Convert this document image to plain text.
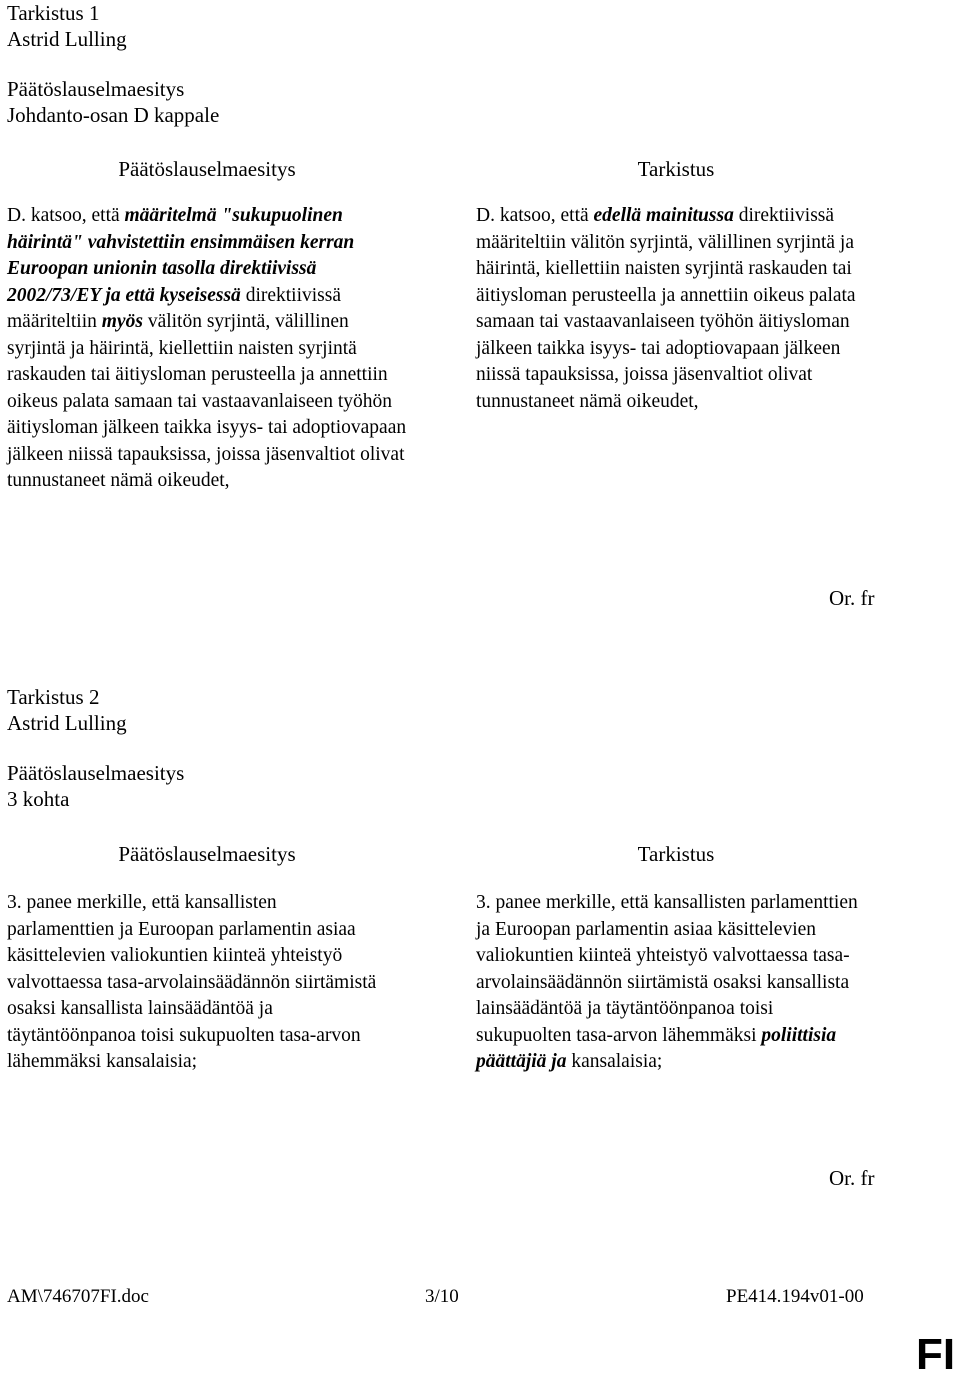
Tarkistus 1

Astrid Lulling

Päätöslauselmaesitys

Johdanto-osan D kappale

Päätöslauselmaesitys	Tarkistus
D. katsoo, että määritelmä "sukupuolinen häirintä" vahvistettiin ensimmäisen kerran Euroopan unionin tasolla direktiivissä 2002/73/EY ja että kyseisessä direktiivissä määriteltiin myös välitön syrjintä, välillinen syrjintä ja häirintä, kiellettiin naisten syrjintä raskauden tai äitiysloman perusteella ja annettiin oikeus palata samaan tai vastaavanlaiseen työhön äitiysloman jälkeen taikka isyys- tai adoptiovapaan jälkeen niissä tapauksissa, joissa jäsenvaltiot olivat tunnustaneet nämä oikeudet,
D. katsoo, että edellä mainitussa direktiivissä määriteltiin välitön syrjintä, välillinen syrjintä ja häirintä, kiellettiin naisten syrjintä raskauden tai äitiysloman perusteella ja annettiin oikeus palata samaan tai vastaavanlaiseen työhön äitiysloman jälkeen taikka isyys- tai adoptiovapaan jälkeen niissä tapauksissa, joissa jäsenvaltiot olivat tunnustaneet nämä oikeudet,
Or. fr

Tarkistus 2

Astrid Lulling

Päätöslauselmaesitys

3 kohta

Päätöslauselmaesitys	Tarkistus
3. panee merkille, että kansallisten parlamenttien ja Euroopan parlamentin asiaa käsittelevien valiokuntien kiinteä yhteistyö valvottaessa tasa-arvolainsäädännön siirtämistä osaksi kansallista lainsäädäntöä ja täytäntöönpanoa toisi sukupuolten tasa-arvon lähemmäksi kansalaisia;
3. panee merkille, että kansallisten parlamenttien ja Euroopan parlamentin asiaa käsittelevien valiokuntien kiinteä yhteistyö valvottaessa tasa-arvolainsäädännön siirtämistä osaksi kansallista lainsäädäntöä ja täytäntöönpanoa toisi sukupuolten tasa-arvon lähemmäksi poliittisia päättäjiä ja kansalaisia;
Or. fr
AM\746707FI.doc	3/10	PE414.194v01-00
FI
